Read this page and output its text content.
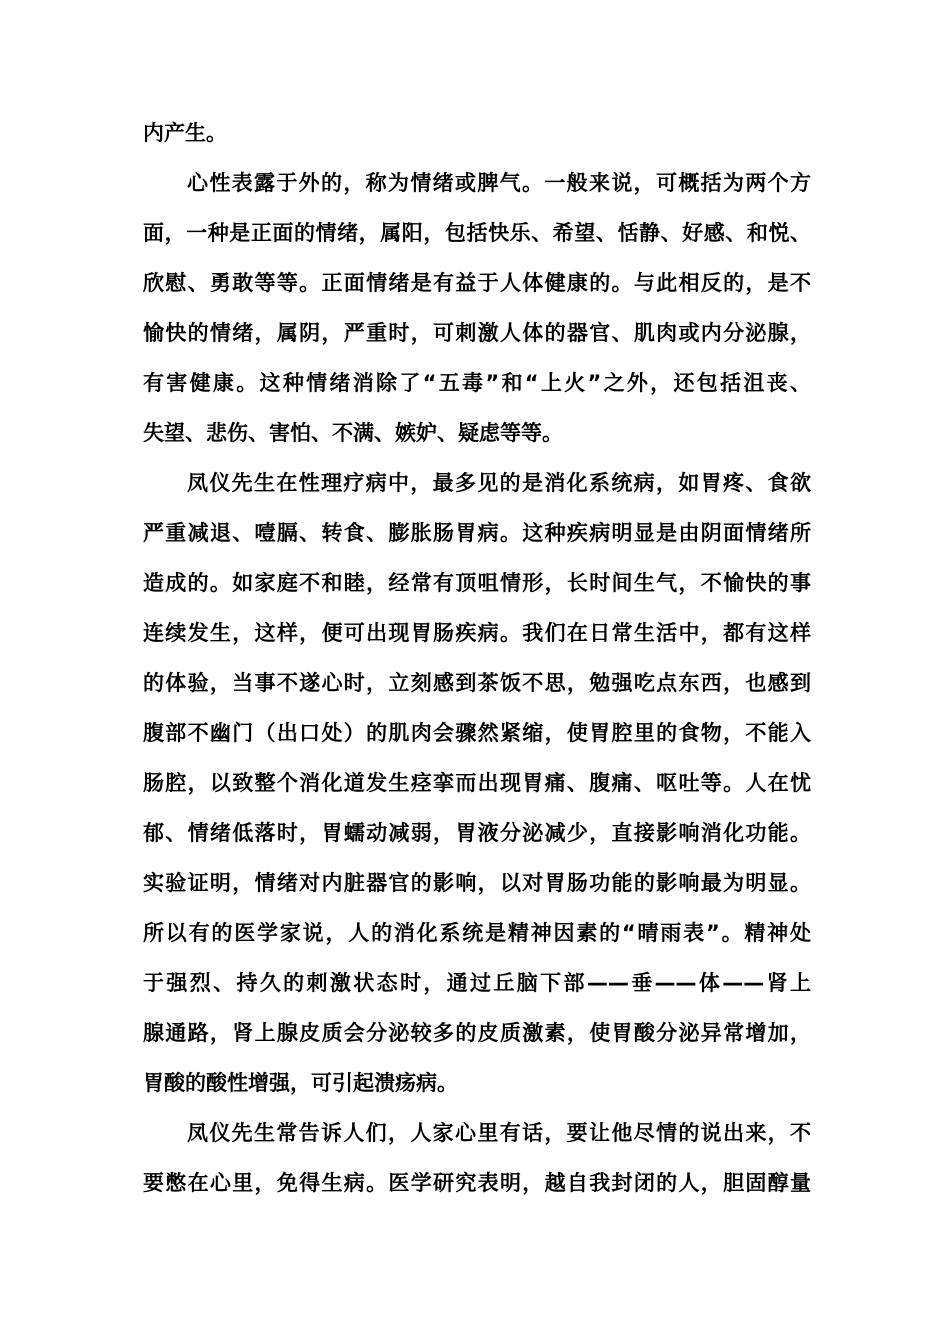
内产生。
心性表露于外的，称为情绪或脾气。一般来说，可概括为两个方
面，一种是正面的情绪，属阳，包括快乐、希望、恬静、好感、和悦、
欣慰、勇敢等等。正面情绪是有益于人体健康的。与此相反的，是不
愉快的情绪，属阴，严重时，可刺激人体的器官、肌肉或内分泌腺，
有害健康。这种情绪消除了“五毒”和“上火”之外，还包括沮丧、
失望、悲伤、害怕、不满、嫉妒、疑虑等等。
凤仪先生在性理疗病中，最多见的是消化系统病，如胃疼、食欲
严重减退、噎膈、转食、膨胀肠胃病。这种疾病明显是由阴面情绪所
造成的。如家庭不和睦，经常有顶咀情形，长时间生气，不愉快的事
连续发生，这样，便可出现胃肠疾病。我们在日常生活中，都有这样
的体验，当事不遂心时，立刻感到茶饭不思，勉强吃点东西，也感到
腹部不幽门（出口处）的肌肉会骤然紧缩，使胃腔里的食物，不能入
肠腔，以致整个消化道发生痉挛而出现胃痛、腹痛、呕吐等。人在忧
郁、情绪低落时，胃蠕动减弱，胃液分泌减少，直接影响消化功能。
实验证明，情绪对内脏器官的影响，以对胃肠功能的影响最为明显。
所以有的医学家说，人的消化系统是精神因素的“晴雨表”。精神处
于强烈、持久的刺激状态时，通过丘脑下部——垂——体——肾上
腺通路，肾上腺皮质会分泌较多的皮质激素，使胃酸分泌异常增加，
胃酸的酸性增强，可引起溃疡病。
凤仪先生常告诉人们，人家心里有话，要让他尽情的说出来，不
要憋在心里，免得生病。医学研究表明，越自我封闭的人，胆固醇量
